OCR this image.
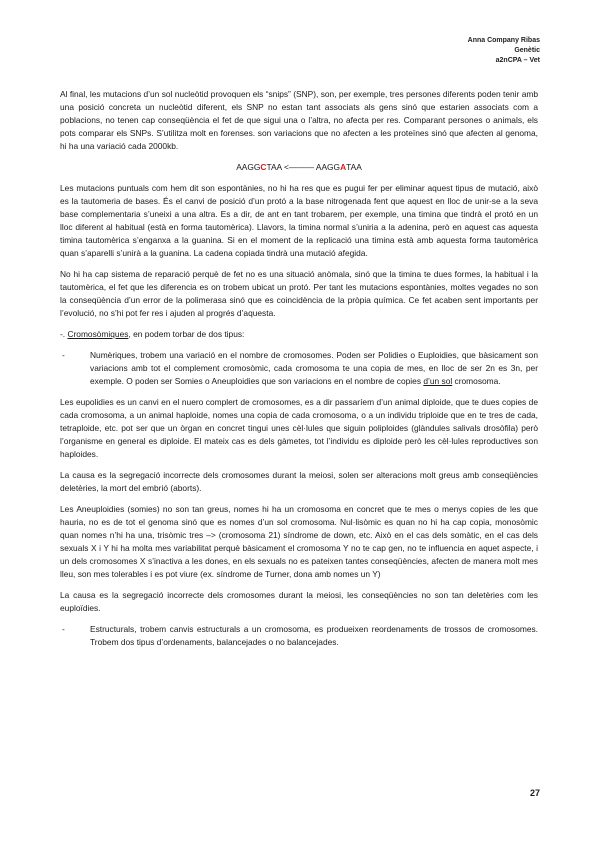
Anna Company Ribas
Genètic
a2nCPA – Vet

Al final, les mutacions d’un sol nucleòtid provoquen els “snips” (SNP), son, per exemple, tres persones diferents poden tenir amb una posició concreta un nucleòtid diferent, els SNP no estan tant associats als gens sinó que estarien associats com a poblacions, no tenen cap conseqüència el fet de que sigui una o l’altra, no afecta per res. Comparant persones o animals, els pots comparar els SNPs. S’utilitza molt en forenses. son variacions que no afecten a les proteïnes sinó que afecten al genoma, hi ha una variació cada 2000kb.

AAGGCTAA <——— AAGGATAA

Les mutacions puntuals com hem dit son espontànies, no hi ha res que es pugui fer per eliminar aquest tipus de mutació, això es la tautomeria de bases. És el canvi de posició d’un protó a la base nitrogenada fent que aquest en lloc de unir-se a la seva base complementaria s’uneixi a una altra. Es a dir, de ant en tant trobarem, per exemple, una timina que tindrà el protó en un lloc diferent al habitual (està en forma tautomèrica). Llavors, la timina normal s’uniria a la adenina, però en aquest cas aquesta timina tautomèrica s’enganxa a la guanina. Si en el moment de la replicació una timina està amb aquesta forma tautomèrica quan s’aparelli s’unirà a la guanina. La cadena copiada tindrà una mutació afegida.

No hi ha cap sistema de reparació perquè de fet no es una situació anòmala, sinó que la timina te dues formes, la habitual i la tautomèrica, el fet que les diferencia es on trobem ubicat un protó. Per tant les mutacions espontànies, moltes vegades no son la conseqüència d’un error de la polimerasa sinó que es coincidència de la pròpia química. Ce fet acaben sent importants per l’evolució, no s’hi pot fer res i ajuden al progrés d’aquesta.

-. Cromosòmiques, en podem torbar de dos tipus:

-	Numèriques, trobem una variació en el nombre de cromosomes. Poden ser Polidies o Euploidies, que bàsicament son variacions amb tot el complement cromosòmic, cada cromosoma te una copia de mes, en lloc de ser 2n es 3n, per exemple. O poden ser Somies o Aneuploidies que son variacions en el nombre de copies d’un sol cromosoma.

Les eupolidies es un canvi en el nuero complert de cromosomes, es a dir passaríem d’un animal diploide, que te dues copies de cada cromosoma, a un animal haploide, nomes una copia de cada cromosoma, o a un individu triploide que en te tres de cada, tetraploide, etc. pot ser que un òrgan en concret tingui unes cèl·lules que siguin poliploides (glàndules salivals drosòfila) però l’organisme en general es diploide. El mateix cas es dels gàmetes, tot l’individu es diploide però les cèl·lules reproductives son haploides.

La causa es la segregació incorrecte dels cromosomes durant la meiosi, solen ser alteracions molt greus amb conseqüències deletèries, la mort del embrió (aborts).

Les Aneuploidies (somies) no son tan greus, nomes hi ha un cromosoma en concret que te mes o menys copies de les que hauria, no es de tot el genoma sinó que es nomes d’un sol cromosoma. Nul·lisòmic es quan no hi ha cap copia, monosòmic quan nomes n’hi ha una, trisòmic tres –> (cromosoma 21) síndrome de down, etc. Això en el cas dels somàtic, en el cas dels sexuals X i Y hi ha molta mes variabilitat perquè bàsicament el cromosoma Y no te cap gen, no te influencia en aquet aspecte, i un dels cromosomes X s’inactiva a les dones, en els sexuals no es pateixen tantes conseqüències, afecten de manera molt mes lleu, son mes tolerables i es pot viure (ex. síndrome de Turner, dona amb nomes un Y)

La causa es la segregació incorrecte dels cromosomes durant la meiosi, les conseqüències no son tan deletèries com les euploïdies.

-	Estructurals, trobem canvis estructurals a un cromosoma, es produeixen reordenaments de trossos de cromosomes. Trobem dos tipus d’ordenaments, balancejades o no balancejades.
27
